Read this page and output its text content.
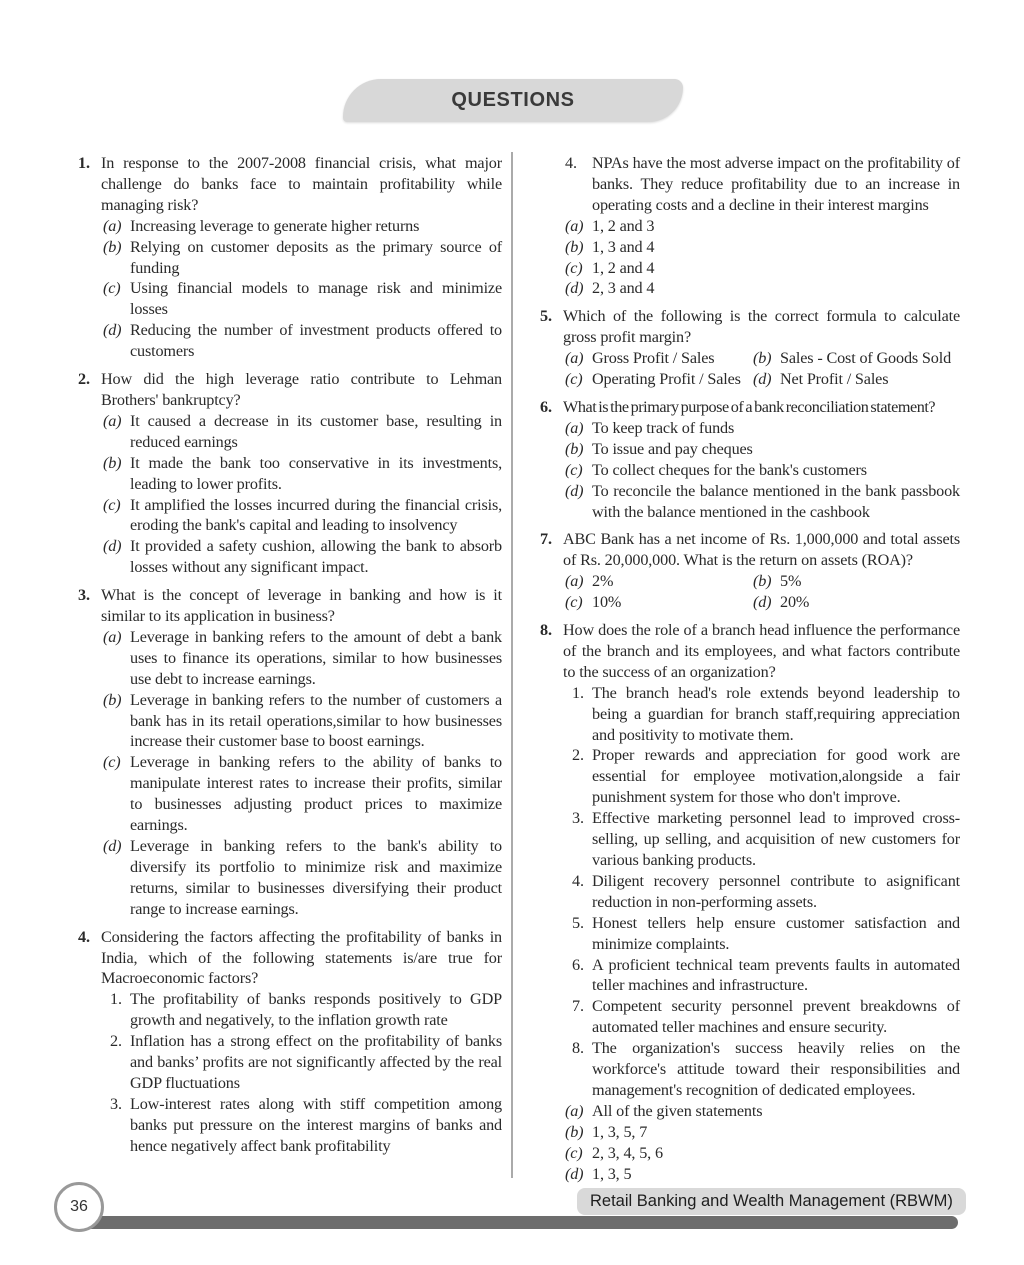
QUESTIONS
1. In response to the 2007-2008 financial crisis, what major challenge do banks face to maintain profitability while managing risk?
(a) Increasing leverage to generate higher returns
(b) Relying on customer deposits as the primary source of funding
(c) Using financial models to manage risk and minimize losses
(d) Reducing the number of investment products offered to customers
2. How did the high leverage ratio contribute to Lehman Brothers' bankruptcy?
(a) It caused a decrease in its customer base, resulting in reduced earnings
(b) It made the bank too conservative in its investments, leading to lower profits.
(c) It amplified the losses incurred during the financial crisis, eroding the bank's capital and leading to insolvency
(d) It provided a safety cushion, allowing the bank to absorb losses without any significant impact.
3. What is the concept of leverage in banking and how is it similar to its application in business?
(a) Leverage in banking refers to the amount of debt a bank uses to finance its operations, similar to how businesses use debt to increase earnings.
(b) Leverage in banking refers to the number of customers a bank has in its retail operations,similar to how businesses increase their customer base to boost earnings.
(c) Leverage in banking refers to the ability of banks to manipulate interest rates to increase their profits, similar to businesses adjusting product prices to maximize earnings.
(d) Leverage in banking refers to the bank's ability to diversify its portfolio to minimize risk and maximize returns, similar to businesses diversifying their product range to increase earnings.
4. Considering the factors affecting the profitability of banks in India, which of the following statements is/are true for Macroeconomic factors?
1. The profitability of banks responds positively to GDP growth and negatively, to the inflation growth rate
2. Inflation has a strong effect on the profitability of banks and banks’ profits are not significantly affected by the real GDP fluctuations
3. Low-interest rates along with stiff competition among banks put pressure on the interest margins of banks and hence negatively affect bank profitability
4. NPAs have the most adverse impact on the profitability of banks. They reduce profitability due to an increase in operating costs and a decline in their interest margins
(a) 1, 2 and 3
(b) 1, 3 and 4
(c) 1, 2 and 4
(d) 2, 3 and 4
5. Which of the following is the correct formula to calculate gross profit margin?
(a) Gross Profit / Sales	(b) Sales - Cost of Goods Sold
(c) Operating Profit / Sales (d) Net Profit / Sales
6. What is the primary purpose of a bank reconciliation statement?
(a) To keep track of funds
(b) To issue and pay cheques
(c) To collect cheques for the bank's customers
(d) To reconcile the balance mentioned in the bank passbook with the balance mentioned in the cashbook
7. ABC Bank has a net income of Rs. 1,000,000 and total assets of Rs. 20,000,000. What is the return on assets (ROA)?
(a) 2%	(b) 5%
(c) 10%	(d) 20%
8. How does the role of a branch head influence the performance of the branch and its employees, and what factors contribute to the success of an organization?
1. The branch head's role extends beyond leadership to being a guardian for branch staff,requiring appreciation and positivity to motivate them.
2. Proper rewards and appreciation for good work are essential for employee motivation,alongside a fair punishment system for those who don't improve.
3. Effective marketing personnel lead to improved cross-selling, up selling, and acquisition of new customers for various banking products.
4. Diligent recovery personnel contribute to asignificant reduction in non-performing assets.
5. Honest tellers help ensure customer satisfaction and minimize complaints.
6. A proficient technical team prevents faults in automated teller machines and infrastructure.
7. Competent security personnel prevent breakdowns of automated teller machines and ensure security.
8. The organization's success heavily relies on the workforce's attitude toward their responsibilities and management's recognition of dedicated employees.
(a) All of the given statements
(b) 1, 3, 5, 7
(c) 2, 3, 4, 5, 6
(d) 1, 3, 5
36	Retail Banking and Wealth Management (RBWM)
